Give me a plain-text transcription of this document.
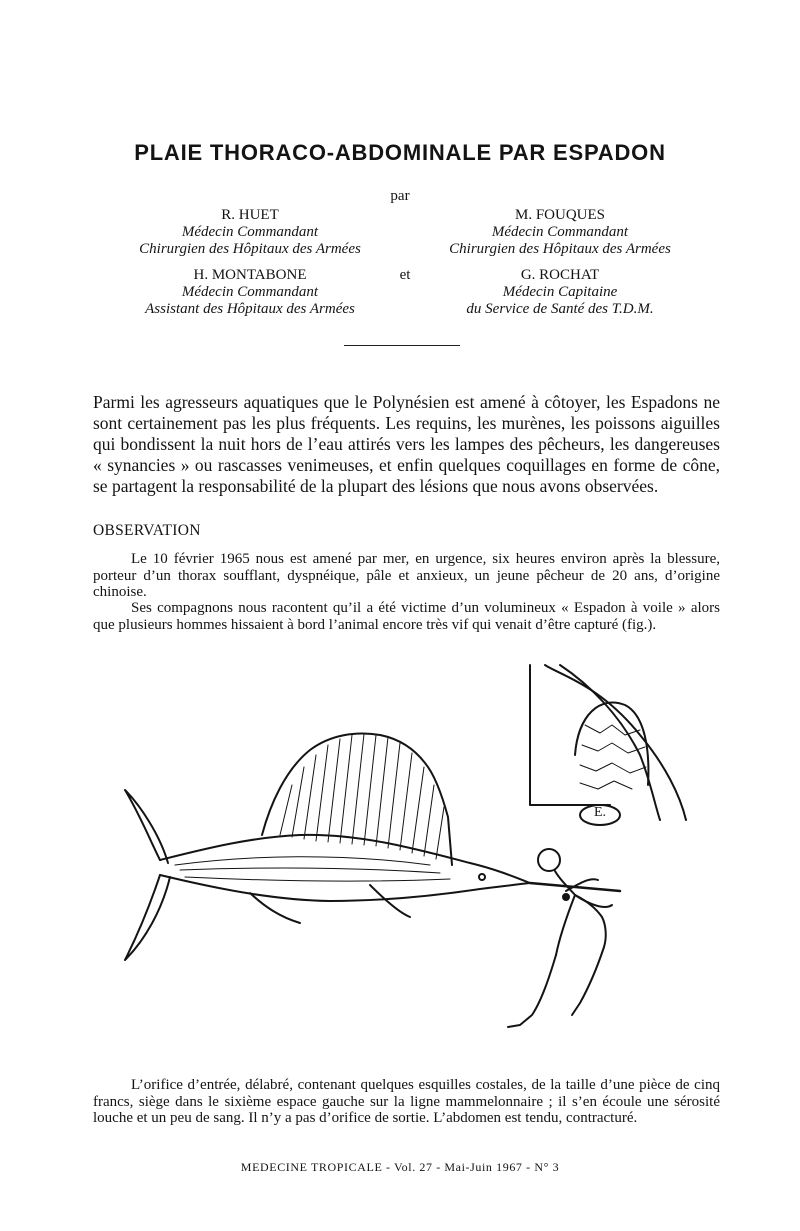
PLAIE THORACO-ABDOMINALE PAR ESPADON
par
R. HUET
Médecin Commandant
Chirurgien des Hôpitaux des Armées
M. FOUQUES
Médecin Commandant
Chirurgien des Hôpitaux des Armées
et
H. MONTABONE
Médecin Commandant
Assistant des Hôpitaux des Armées
G. ROCHAT
Médecin Capitaine
du Service de Santé des T.D.M.

Parmi les agresseurs aquatiques que le Polynésien est amené à côtoyer, les Espadons ne sont certainement pas les plus fréquents. Les requins, les murènes, les poissons aiguilles qui bondissent la nuit hors de l’eau attirés vers les lampes des pêcheurs, les dangereuses « synancies » ou rascasses venimeuses, et enfin quelques coquillages en forme de cône, se partagent la responsabilité de la plupart des lésions que nous avons observées.

OBSERVATION

Le 10 février 1965 nous est amené par mer, en urgence, six heures environ après la blessure, porteur d’un thorax soufflant, dyspnéique, pâle et anxieux, un jeune pêcheur de 20 ans, d’origine chinoise.

Ses compagnons nous racontent qu’il a été victime d’un volumineux « Espadon à voile » alors que plusieurs hommes hissaient à bord l’animal encore très vif qui venait d’être capturé (fig.).

E.

L’orifice d’entrée, délabré, contenant quelques esquilles costales, de la taille d’une pièce de cinq francs, siège dans le sixième espace gauche sur la ligne mammelonnaire ; il s’en écoule une sérosité louche et un peu de sang. Il n’y a pas d’orifice de sortie. L’abdomen est tendu, contracturé.

MEDECINE TROPICALE - Vol. 27 - Mai-Juin 1967 - N° 3
